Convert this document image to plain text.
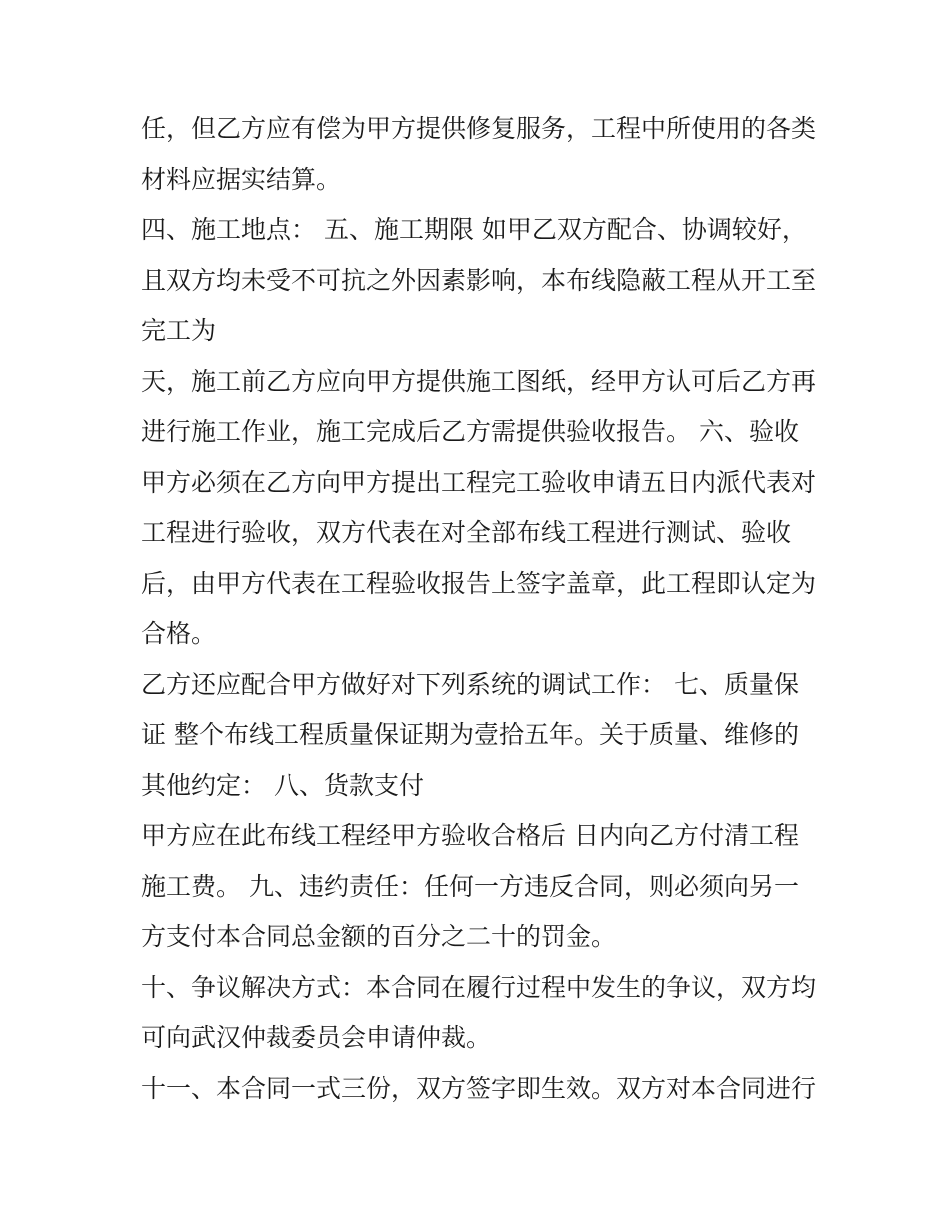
任，但乙方应有偿为甲方提供修复服务，工程中所使用的各类
材料应据实结算。
四、施工地点： 五、施工期限 如甲乙双方配合、协调较好，
且双方均未受不可抗之外因素影响，本布线隐蔽工程从开工至
完工为
天，施工前乙方应向甲方提供施工图纸，经甲方认可后乙方再
进行施工作业，施工完成后乙方需提供验收报告。 六、验收
甲方必须在乙方向甲方提出工程完工验收申请五日内派代表对
工程进行验收，双方代表在对全部布线工程进行测试、验收
后，由甲方代表在工程验收报告上签字盖章，此工程即认定为
合格。
乙方还应配合甲方做好对下列系统的调试工作： 七、质量保
证 整个布线工程质量保证期为壹拾五年。关于质量、维修的
其他约定： 八、货款支付
甲方应在此布线工程经甲方验收合格后 日内向乙方付清工程
施工费。 九、违约责任：任何一方违反合同，则必须向另一
方支付本合同总金额的百分之二十的罚金。
十、争议解决方式：本合同在履行过程中发生的争议，双方均
可向武汉仲裁委员会申请仲裁。
十一、本合同一式三份，双方签字即生效。双方对本合同进行
